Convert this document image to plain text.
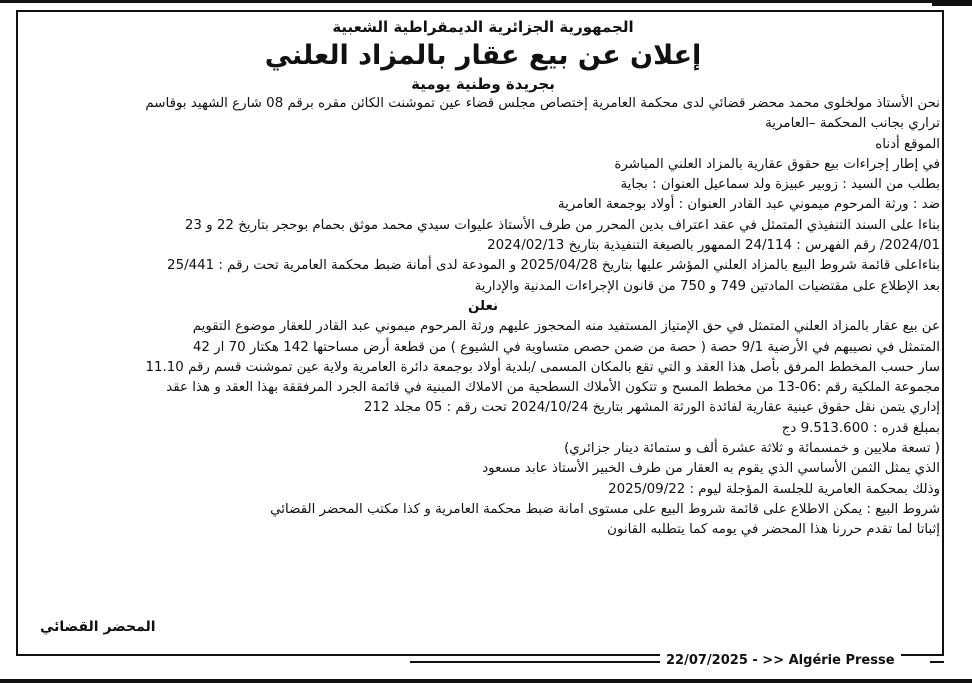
الجمهورية الجزائرية الديمقراطية الشعبية
إعلان عن بيع عقار بالمزاد العلني
بجريدة وطنية يومية
نحن الأستاذ مولخلوى محمد محضر قضائي لدى محكمة العامرية إختصاص مجلس قضاء عين تموشنت الكائن مقره برقم 08 شارع الشهيد بوقاسم
تراري بجانب المحكمة –العامرية
الموقع أدناه
في إطار إجراءات بيع حقوق عقارية بالمزاد العلني المباشرة
بطلب من السيد : زوبير عبيزة ولد سماعيل العنوان : بجاية
ضد : ورثة المرحوم ميموني عبد القادر العنوان : أولاد بوجمعة العامرية
بناءا على السند التنفيذي المتمثل في عقد اعتراف بدين المحرر من طرف الأستاذ عليوات سيدي محمد موثق بحمام بوحجر بتاريخ 22 و 23
2024/01/ رقم الفهرس : 24/114 الممهور بالصيغة التنفيذية بتاريخ 2024/02/13
بناءاعلى قائمة شروط البيع بالمزاد العلني المؤشر عليها بتاريخ 2025/04/28 و المودعة لدى أمانة ضبط محكمة العامرية تحت رقم : 25/441
بعد الإطلاع على مقتضيات المادتين 749 و 750 من قانون الإجراءات المدنية والإدارية
نعلن
عن بيع عقار بالمزاد العلني المتمثل في حق الإمتياز المستفيد منه المحجوز عليهم ورثة المرحوم ميموني عبد القادر للعقار موضوع التقويم
المتمثل في نصيبهم في الأرضية 9/1 حصة ( حصة من ضمن حصص متساوية في الشيوع ) من قطعة أرض مساحتها 142 هكتار 70 ار 42
سار حسب المخطط المرفق بأصل هذا العقد و التي تقع بالمكان المسمى /بلدية أولاد بوجمعة دائرة العامرية ولاية عين تموشنت قسم رقم 11.10
مجموعة الملكية رقم :06-13 من مخطط المسح و تتكون الأملاك السطحية من الاملاك المبنية في قائمة الجرد المرفققة بهذا العقد و هذا عقد
إداري يتمن نقل حقوق عينية عقارية لفائدة الورثة المشهر بتاريخ 2024/10/24 تحت رقم : 05 مجلد 212
بمبلغ قدره : 9.513.600 دج
( تسعة ملايين و خمسمائة و ثلاثة عشرة ألف و ستمائة دينار جزائري)
الذي يمثل الثمن الأساسي الذي يقوم به العقار من طرف الخبير الأستاذ عابد مسعود
وذلك بمحكمة العامرية للجلسة المؤجلة ليوم : 2025/09/22
شروط البيع : يمكن الاطلاع على قائمة شروط البيع على مستوى امانة ضبط محكمة العامرية و كذا مكتب المحضر القضائي
إثباتا لما تقدم حررنا هذا المحضر في يومه كما يتطلبه القانون
المحضر القضائي
22/07/2025 - >> Algérie Presse
